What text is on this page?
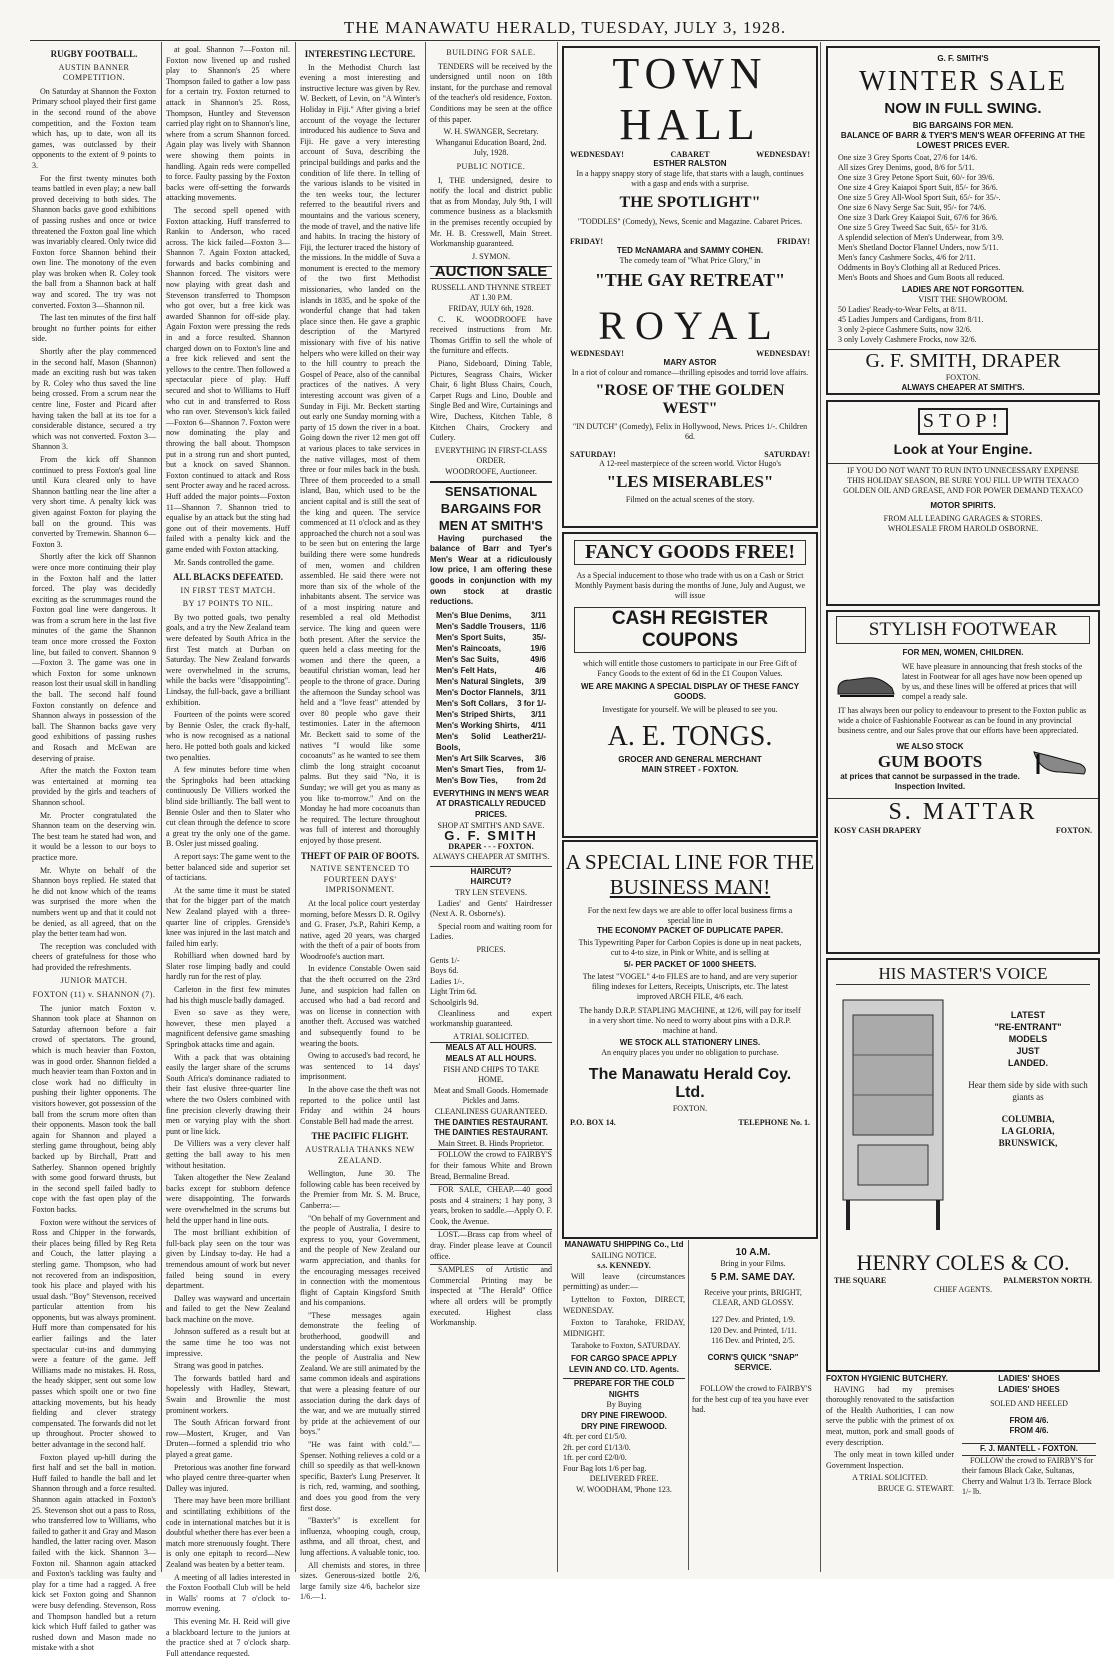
THE MANAWATU HERALD, TUESDAY, JULY 3, 1928.
RUGBY FOOTBALL.
AUSTIN BANNER COMPETITION.

On Saturday at Shannon the Foxton Primary school played their first game in the second round of the above competition, and the Foxton team which has, up to date, won all its games, was outclassed by their opponents to the extent of 9 points to 3.

For the first twenty minutes both teams battled in even play; a new ball proved deceiving to both sides. The Shannon backs gave good exhibitions of passing rushes and once or twice threatened the Foxton goal line which was invariably cleared. Only twice did Foxton force Shannon behind their own line. The monotony of the even play was broken when R. Coley took the ball from a Shannon back at half way and scored. The try was not converted. Foxton 3—Shannon nil.

The last ten minutes of the first half brought no further points for either side.

Shortly after the play commenced in the second half, Mason (Shannon) made an exciting rush but was taken by R. Coley who thus saved the line being crossed. From a scrum near the centre line, Foster and Picard after having taken the ball at its toe for a considerable distance, secured a try which was not converted. Foxton 3—Shannon 3.

From the kick off Shannon continued to press Foxton's goal line until Kura cleared only to have Shannon battling near the line after a very short time. A penalty kick was given against Foxton for playing the ball on the ground. This was converted by Tremewin. Shannon 6—Foxton 3.

Shortly after the kick off Shannon were once more continuing their play in the Foxton half and the latter forced. The play was decidedly exciting as the scrummages round the Foxton goal line were dangerous. It was from a scrum here in the last five minutes of the game the Shannon team once more crossed the Foxton line, but failed to convert. Shannon 9—Foxton 3. The game was one in which Foxton for some unknown reason lost their usual skill in handling the ball. The second half found Foxton constantly on defence and Shannon always in possession of the ball. The Shannon backs gave very good exhibitions of passing rushes and Rosach and McEwan are deserving of praise.

After the match the Foxton team was entertained at morning tea provided by the girls and teachers of Shannon school.

Mr. Procter congratulated the Shannon team on the deserving win. The best team he stated had won, and it would be a lesson to our boys to practice more.

Mr. Whyte on behalf of the Shannon boys replied. He stated that he did not know which of the teams was surprised the more when the numbers went up and that it could not be denied, as all agreed, that on the play the better team had won.

The reception was concluded with cheers of gratefulness for those who had provided the refreshments.

JUNIOR MATCH.
FOXTON (11) v. SHANNON (7).

The junior match Foxton v. Shannon took place at Shannon on Saturday afternoon before a fair crowd of spectators. The ground, which is much heavier than Foxton, was in good order. Shannon fielded a much heavier team than Foxton and in close work had no difficulty in pushing their lighter opponents. The visitors however, got possession of the ball from the scrum more often than their opponents. Mason took the ball again for Shannon and played a sterling game throughout, being ably backed up by Birchall, Pratt and Satherley. Shannon opened brightly with some good forward thrusts, but in the second spell failed badly to cope with the fast open play of the Foxton backs.

Foxton were without the services of Ross and Chipper in the forwards, their places being filled by Reg Reta and Couch, the latter playing a sterling game. Thompson, who had not recovered from an indisposition, took his place and played with his usual dash. "Boy" Stevenson, received particular attention from his opponents, but was always prominent. Huff more than compensated for his earlier failings and the later spectacular cut-ins and dummying were a feature of the game. Jeff Williams made no mistakes. H. Ross, the heady skipper, sent out some low passes which spoilt one or two fine attacking movements, but his heady fielding and clever strategy compensated. The forwards did not let up throughout. Procter showed to better advantage in the second half.

Foxton played up-hill during the first half and set the ball in motion. Huff failed to handle the ball and let Shannon through and a force resulted. Shannon again attacked in Foxton's 25. Stevenson shot out a pass to Ross, who transferred low to Williams, who failed to gather it and Gray and Mason handled, the latter racing over. Mason failed with the kick. Shannon 3—Foxton nil. Shannon again attacked and Foxton's tackling was faulty and play for a time had a ragged. A free kick set Foxton going and Shannon were busy defending. Stevenson, Ross and Thompson handled but a return kick which Huff failed to gather was rushed down and Mason made no mistake with a shot

at goal. Shannon 7—Foxton nil. Foxton now livened up and rushed play to Shannon's 25 where Thompson failed to gather a low pass for a certain try. Foxton returned to attack in Shannon's 25. Ross, Thompson, Huntley and Stevenson carried play right on to Shannon's line, where from a scrum Shannon forced. Again play was lively with Shannon were showing them points in handling. Again reds were compelled to force. Faulty passing by the Foxton backs were off-setting the forwards attacking movements.

The second spell opened with Foxton attacking. Huff transferred to Rankin to Anderson, who raced across. The kick failed—Foxton 3—Shannon 7. Again Foxton attacked, forwards and backs combining and Shannon forced. The visitors were now playing with great dash and Stevenson transferred to Thompson who got over, but a free kick was awarded Shannon for off-side play. Again Foxton were pressing the reds in and a force resulted. Shannon charged down on to Foxton's line and a free kick relieved and sent the yellows to the centre. Then followed a spectacular piece of play. Huff secured and shot to Williams to Huff who cut in and transferred to Ross who ran over. Stevenson's kick failed—Foxton 6—Shannon 7. Foxton were now dominating the play and throwing the ball about. Thompson put in a strong run and short punted, but a knock on saved Shannon. Foxton continued to attack and Ross sent Procter away and he raced across. Huff added the major points—Foxton 11—Shannon 7. Shannon tried to equalise by an attack but the sting had gone out of their movements. Huff failed with a penalty kick and the game ended with Foxton attacking.

Mr. Sands controlled the game.

ALL BLACKS DEFEATED.
IN FIRST TEST MATCH.
BY 17 POINTS TO NIL.

By two potted goals, two penalty goals, and a try the New Zealand team were defeated by South Africa in the first Test match at Durban on Saturday. The New Zealand forwards were overwhelmed in the scrums, while the backs were "disappointing". Lindsay, the full-back, gave a brilliant exhibition.

Fourteen of the points were scored by Bennie Osler, the crack fly-half, who is now recognised as a national hero. He potted both goals and kicked two penalties.

A few minutes before time when the Springboks had been attacking continuously De Villiers worked the blind side brilliantly. The ball went to Bennie Osler and then to Slater who cut clean through the defence to score a great try the only one of the game. B. Osler just missed goaling.

A report says: The game went to the better balanced side and superior set of tacticians.

At the same time it must be stated that for the bigger part of the match New Zealand played with a three-quarter line of cripples. Grenside's knee was injured in the last match and failed him early.

Robilliard when downed hard by Slater rose limping badly and could hardly run for the rest of play.

Carleton in the first few minutes had his thigh muscle badly damaged.

Even so save as they were, however, these men played a magnificent defensive game smashing Springbok attacks time and again.

With a pack that was obtaining easily the larger share of the scrums South Africa's dominance radiated to their fast elusive three-quarter line where the two Oslers combined with fine precision cleverly drawing their men or varying play with the short punt or line kick.

De Villiers was a very clever half getting the ball away to his men without hesitation.

Taken altogether the New Zealand backs except for stubborn defence were disappointing. The forwards were overwhelmed in the scrums but held the upper hand in line outs.

The most brilliant exhibition of full-back play seen on the tour was given by Lindsay to-day. He had a tremendous amount of work but never failed being sound in every department.

Dalley was wayward and uncertain and failed to get the New Zealand back machine on the move.

Johnson suffered as a result but at the same time he too was not impressive.

Strang was good in patches.

The forwards battled hard and hopelessly with Hadley, Stewart, Swain and Brownlie the most prominent workers.

The South African forward front row—Mostert, Kruger, and Van Druten—formed a splendid trio who played a great game.

Pretorious was another fine forward who played centre three-quarter when Dalley was injured.

There may have been more brilliant and scintillating exhibitions of the code in international matches but it is doubtful whether there has ever been a match more strenuously fought. There is only one epitaph to record—New Zealand was beaten by a better team.

A meeting of all ladies interested in the Foxton Football Club will be held in Walls' rooms at 7 o'clock to-morrow evening.

This evening Mr. H. Reid will give a blackboard lecture to the juniors at the practice shed at 7 o'clock sharp. Full attendance requested.

INTERESTING LECTURE.

In the Methodist Church last evening a most interesting and instructive lecture was given by Rev. W. Beckett, of Levin, on "A Winter's Holiday in Fiji." After giving a brief account of the voyage the lecturer introduced his audience to Suva and Fiji. He gave a very interesting account of Suva, describing the principal buildings and parks and the condition of life there. In telling of the various islands to be visited in the ten weeks tour, the lecturer referred to the beautiful rivers and mountains and the various scenery, the mode of travel, and the native life and habits. In tracing the history of Fiji, the lecturer traced the history of the missions. In the middle of Suva a monument is erected to the memory of the two first Methodist missionaries, who landed on the islands in 1835, and he spoke of the wonderful change that had taken place since then. He gave a graphic description of the Martyred missionary with five of his native helpers who were killed on their way to the hill country to preach the Gospel of Peace, also of the cannibal practices of the natives. A very interesting account was given of a Sunday in Fiji. Mr. Beckett starting out early one Sunday morning with a party of 15 down the river in a boat. Going down the river 12 men got off at various places to take services in the native villages, most of them three or four miles back in the bush. Three of them proceeded to a small island, Bau, which used to be the ancient capital and is still the seat of the king and queen. The service commenced at 11 o'clock and as they approached the church not a soul was to be seen but on entering the large building there were some hundreds of men, women and children assembled. He said there were not more than six of the whole of the inhabitants absent. The service was of a most inspiring nature and resembled a real old Methodist service. The king and queen were both present. After the service the queen held a class meeting for the women and there the queen, a beautiful christian woman, lead her people to the throne of grace. During the afternoon the Sunday school was held and a "love feast" attended by over 80 people who gave their testimonies. Later in the afternoon Mr. Beckett said to some of the natives "I would like some cocoanuts" as he wanted to see them climb the long straight cocoanut palms. But they said "No, it is Sunday; we will get you as many as you like to-morrow." And on the Monday he had more cocoanuts than he required. The lecture throughout was full of interest and thoroughly enjoyed by those present.

THEFT OF PAIR OF BOOTS.
NATIVE SENTENCED TO FOURTEEN DAYS' IMPRISONMENT.

At the local police court yesterday morning, before Messrs D. R. Ogilvy and G. Fraser, J's.P., Rahiri Kemp, a native, aged 20 years, was charged with the theft of a pair of boots from Woodroofe's auction mart.

In evidence Constable Owen said that the theft occurred on the 23rd June, and suspicion had fallen on accused who had a bad record and was on license in connection with another theft. Accused was watched and subsequently found to be wearing the boots.

Owing to accused's bad record, he was sentenced to 14 days' imprisonment.

In the above case the theft was not reported to the police until last Friday and within 24 hours Constable Bell had made the arrest.

THE PACIFIC FLIGHT.
AUSTRALIA THANKS NEW ZEALAND.

Wellington, June 30. The following cable has been received by the Premier from Mr. S. M. Bruce, Canberra:—

"On behalf of my Government and the people of Australia, I desire to express to you, your Government, and the people of New Zealand our warm appreciation, and thanks for the encouraging messages received in connection with the momentous flight of Captain Kingsford Smith and his companions.

"These messages again demonstrate the feeling of brotherhood, goodwill and understanding which exist between the people of Australia and New Zealand. We are still animated by the same common ideals and aspirations that were a pleasing feature of our association during the dark days of the war, and we are mutually stirred by pride at the achievement of our boys."

"He was faint with cold."—Spenser. Nothing relieves a cold or a chill so speedily as that well-known specific, Baxter's Lung Preserver. It is rich, red, warming, and soothing, and does you good from the very first dose.

"Baxter's" is excellent for influenza, whooping cough, croup, asthma, and all throat, chest, and lung affections. A valuable tonic, too.

All chemists and stores, in three sizes. Generous-sized bottle 2/6, large family size 4/6, bachelor size 1/6.—1.

BUILDING FOR SALE.

TENDERS will be received by the undersigned until noon on 18th instant, for the purchase and removal of the teacher's old residence, Foxton. Conditions may be seen at the office of this paper.

W. H. SWANGER, Secretary.
Whanganui Education Board, 2nd. July, 1928.
PUBLIC NOTICE.

I, THE undersigned, desire to notify the local and district public that as from Monday, July 9th, I will commence business as a blacksmith in the premises recently occupied by Mr. H. B. Cresswell, Main Street. Workmanship guaranteed.

J. SYMON.
AUCTION SALE
RUSSELL AND THYNNE STREET AT 1.30 P.M.
FRIDAY, JULY 6th, 1928.

C. K. WOODROOFE have received instructions from Mr. Thomas Griffin to sell the whole of the furniture and effects.

Piano, Sideboard, Dining Table, Pictures, Seagrass Chairs, Wicker Chair, 6 light Bluss Chairs, Couch, Carpet Rugs and Lino, Double and Single Bed and Wire, Curtainings and Wire, Duchess, Kitchen Table, 8 Kitchen Chairs, Crockery and Cutlery.

EVERYTHING IN FIRST-CLASS ORDER.
WOODROOFE, Auctioneer.
SENSATIONAL
BARGAINS FOR
MEN AT SMITH'S

Having purchased the balance of Barr and Tyer's Men's Wear at a ridiculously low price, I am offering these goods in conjunction with my own stock at drastic reductions.

Men's Blue Denims, 3/11
Men's Saddle Trousers, 11/6
Men's Sport Suits,	35/-
Men's Raincoats,	19/6
Men's Sac Suits,	49/6
Men's Felt Hats,	4/6
Men's Natural Singlets, 3/9
Men's Doctor Flannels, 3/11
Men's Soft Collars, 3 for 1/-
Men's Striped Shirts, 3/11
Men's Working Shirts, 4/11
Men's Solid Leather Bools,
21/-
Men's Art Silk Scarves, 3/6
Men's Smart Ties, from 1/-
Men's Bow Ties, from 2d
EVERYTHING IN MEN'S WEAR AT DRASTICALLY REDUCED PRICES.
SHOP AT SMITH'S AND SAVE.
G. F. SMITH
DRAPER - - - FOXTON.
ALWAYS CHEAPER AT SMITH'S.
HAIRCUT?
HAIRCUT?
TRY LEN STEVENS.

Ladies' and Gents' Hairdresser (Next A. R. Osborne's).

Special room and waiting room for Ladies.

PRICES.
Gents 1/-
Boys 6d.
Ladies 1/-.
Light Trim 6d.
Schoolgirls 9d.

Cleanliness and expert workmanship guaranteed.

A TRIAL SOLICITED.
MEALS AT ALL HOURS.
MEALS AT ALL HOURS.
FISH AND CHIPS TO TAKE HOME.
Meat and Small Goods. Homemade Pickles and Jams.
CLEANLINESS GUARANTEED.
THE DAINTIES RESTAURANT.
THE DAINTIES RESTAURANT.
Main Street. B. Hinds Proprietor.

FOLLOW the crowd to FAIRBY'S for their famous White and Brown Bread, Bermaline Bread.

FOR SALE, CHEAP.—40 good posts and 4 strainers; 1 hay pony, 3 years, broken to saddle.—Apply O. F. Cook, the Avenue.

LOST.—Brass cap from wheel of dray. Finder please leave at Council office.

SAMPLES of Artistic and Commercial Printing may be inspected at "The Herald" Office where all orders will be promptly executed. Highest class Workmanship.

TOWN HALL
WEDNESDAY!	CABARET	WEDNESDAY!
ESTHER RALSTON
In a happy snappy story of stage life, that starts with a laugh, continues with a gasp and ends with a surprise.
THE SPOTLIGHT"
"TODDLES" (Comedy), News, Scenic and Magazine. Cabaret Prices.
FRIDAY!	FRIDAY!
TED McNAMARA and SAMMY COHEN.
The comedy team of "What Price Glory," in
"THE GAY RETREAT"
ROYAL
WEDNESDAY!	WEDNESDAY!
MARY ASTOR
In a riot of colour and romance—thrilling episodes and torrid love affairs.
"ROSE OF THE GOLDEN WEST"
"IN DUTCH" (Comedy), Felix in Hollywood, News. Prices 1/-. Children 6d.
SATURDAY!	SATURDAY!
A 12-reel masterpiece of the screen world. Victor Hugo's
"LES MISERABLES"
Filmed on the actual scenes of the story.
FANCY GOODS FREE!
As a Special inducement to those who trade with us on a Cash or Strict Monthly Payment basis during the months of June, July and August, we will issue
CASH REGISTER COUPONS
which will entitle those customers to participate in our Free Gift of Fancy Goods to the extent of 6d in the £1 Coupon Values.
WE ARE MAKING A SPECIAL DISPLAY OF THESE FANCY GOODS.
Investigate for yourself. We will be pleased to see you.
A. E. TONGS.
GROCER AND GENERAL MERCHANT
MAIN STREET - FOXTON.
A SPECIAL LINE FOR THE
BUSINESS MAN!
For the next few days we are able to offer local business firms a special line in
THE ECONOMY PACKET OF DUPLICATE PAPER.
This Typewriting Paper for Carbon Copies is done up in neat packets, cut to 4-to size, in Pink or White, and is selling at
5/- PER PACKET OF 1000 SHEETS.
The latest "VOGEL" 4-to FILES are to hand, and are very superior filing indexes for Letters, Receipts, Uniscripts, etc. The latest improved ARCH FILE, 4/6 each.
The handy D.R.P. STAPLING MACHINE, at 12/6, will pay for itself in a very short time. No need to worry about pins with a D.R.P. machine at hand.
WE STOCK ALL STATIONERY LINES.
An enquiry places you under no obligation to purchase.
The Manawatu Herald Coy. Ltd.
FOXTON.
P.O. BOX 14.	TELEPHONE No. 1.
MANAWATU SHIPPING Co., Ltd
SAILING NOTICE.
s.s. KENNEDY.

Will leave (circumstances permitting) as under:—

Lyttelton to Foxton, DIRECT, WEDNESDAY.

Foxton to Tarahoke, FRIDAY, MIDNIGHT.

Tarahoke to Foxton, SATURDAY.

FOR CARGO SPACE APPLY LEVIN AND CO. LTD. Agents.
PREPARE FOR THE COLD NIGHTS
By Buying
DRY PINE FIREWOOD.
DRY PINE FIREWOOD.
4ft. per cord £1/5/0.
2ft. per cord £1/13/0.
1ft. per cord £2/0/0.
Four Bag lots 1/6 per bag.
DELIVERED FREE.
W. WOODHAM, 'Phone 123.
10 A.M.
Bring in your Films.
5 P.M. SAME DAY.
Receive your prints, BRIGHT, CLEAR, AND GLOSSY.
127 Dev. and Printed, 1/9.
120 Dev. and Printed, 1/11.
116 Dev. and Printed, 2/5.
CORN'S QUICK "SNAP" SERVICE.

FOLLOW the crowd to FAIRBY'S for the best cup of tea you have ever had.

G. F. SMITH'S
WINTER SALE
NOW IN FULL SWING.
BIG BARGAINS FOR MEN.
BALANCE OF BARR & TYER'S MEN'S WEAR OFFERING AT THE LOWEST PRICES EVER.
One size 3 Grey Sports Coat, 27/6 for 14/6.
All sizes Grey Denims, good, 8/6 for 5/11.
One size 3 Grey Petone Sport Suit, 60/- for 39/6.
One size 4 Grey Kaiapoi Sport Suit, 85/- for 36/6.
One size 5 Grey All-Wool Sport Suit, 65/- for 35/-.
One size 6 Navy Serge Sac Suit, 95/- for 74/6.
One size 3 Dark Grey Kaiapoi Suit, 67/6 for 36/6.
One size 5 Grey Tweed Sac Suit, 65/- for 31/6.
A splendid selection of Men's Underwear, from 3/9.
Men's Shetland Doctor Flannel Unders, now 5/11.
Men's fancy Cashmere Socks, 4/6 for 2/11.
Oddments in Boy's Clothing all at Reduced Prices.
Men's Boots and Shoes and Gum Boots all reduced.
LADIES ARE NOT FORGOTTEN.
VISIT THE SHOWROOM.
50 Ladies' Ready-to-Wear Felts, at 8/11.
45 Ladies Jumpers and Cardigans, from 8/11.
3 only 2-piece Cashmere Suits, now 32/6.
3 only Lovely Cashmere Frocks, now 32/6.
G. F. SMITH, DRAPER
FOXTON.
ALWAYS CHEAPER AT SMITH'S.
STOP!
Look at Your Engine.
IF YOU DO NOT WANT TO RUN INTO UNNECESSARY EXPENSE THIS HOLIDAY SEASON, BE SURE YOU FILL UP WITH TEXACO GOLDEN OIL AND GREASE, AND FOR POWER DEMAND TEXACO
MOTOR SPIRITS.
FROM ALL LEADING GARAGES & STORES.
WHOLESALE FROM HAROLD OSBORNE.
STYLISH FOOTWEAR
FOR MEN, WOMEN, CHILDREN.
WE have pleasure in announcing that fresh stocks of the latest in Footwear for all ages have now been opened up by us, and these lines will be offered at prices that will compel a ready sale.
IT has always been our policy to endeavour to present to the Foxton public as wide a choice of Fashionable Footwear as can be found in any provincial business centre, and our Sales prove that our efforts have been appreciated.
WE ALSO STOCK
GUM BOOTS
at prices that cannot be surpassed in the trade. Inspection Invited.
S. MATTAR
KOSY CASH DRAPERY	FOXTON.
HIS MASTER'S VOICE
LATEST
"RE-ENTRANT"
MODELS
JUST
LANDED.
Hear them side by side with such giants as
COLUMBIA,
LA GLORIA,
BRUNSWICK,
HENRY COLES & CO.
THE SQUARE	PALMERSTON NORTH.
CHIEF AGENTS.
FOXTON HYGIENIC BUTCHERY.

HAVING had my premises thoroughly renovated to the satisfaction of the Health Authorities, I can now serve the public with the primest of ox meat, mutton, pork and small goods of every description.

The only meat in town killed under Government Inspection.

A TRIAL SOLICITED.
BRUCE G. STEWART.
LADIES' SHOES
LADIES' SHOES
SOLED AND HEELED
FROM 4/6.
FROM 4/6.
F. J. MANTELL - FOXTON.

FOLLOW the crowd to FAIRBY'S for their famous Black Cake, Sultanas, Cherry and Walnut 1/3 lb. Terrace Block 1/- lb.
